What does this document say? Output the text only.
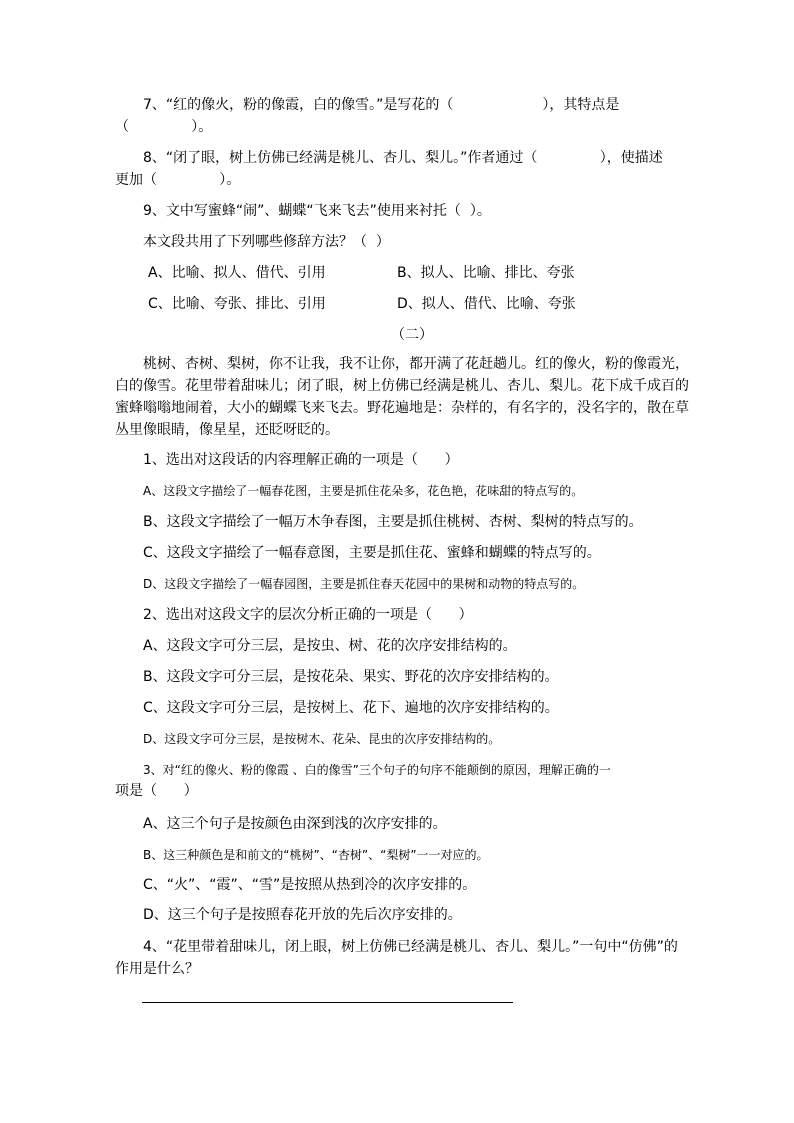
7、“红的像火，粉的像霞，白的像雪。”是写花的（                    ），其特点是
（              ）。
8、“闭了眼，树上仿佛已经满是桃儿、杏儿、梨儿。”作者通过（              ），使描述
更加（              ）。
9、文中写蜜蜂“闹”、蝴蝶“飞来飞去”使用来衬托（  ）。
本文段共用了下列哪些修辞方法？（  ）
A、比喻、拟人、借代、引用	B、拟人、比喻、排比、夸张
C、比喻、夸张、排比、引用	D、拟人、借代、比喻、夸张
（二）
桃树、杏树、梨树，你不让我，我不让你，都开满了花赶趟儿。红的像火，粉的像霞光，
白的像雪。花里带着甜味儿；闭了眼，树上仿佛已经满是桃儿、杏儿、梨儿。花下成千成百的
蜜蜂嗡嗡地闹着，大小的蝴蝶飞来飞去。野花遍地是：杂样的，有名字的，没名字的，散在草
丛里像眼睛，像星星，还眨呀眨的。
1、选出对这段话的内容理解正确的一项是（      ）
A、这段文字描绘了一幅春花图，主要是抓住花朵多，花色艳，花味甜的特点写的。
B、这段文字描绘了一幅万木争春图，主要是抓住桃树、杏树、梨树的特点写的。
C、这段文字描绘了一幅春意图，主要是抓住花、蜜蜂和蝴蝶的特点写的。
D、这段文字描绘了一幅春园图，主要是抓住春天花园中的果树和动物的特点写的。
2、选出对这段文字的层次分析正确的一项是（      ）
A、这段文字可分三层，是按虫、树、花的次序安排结构的。
B、这段文字可分三层，是按花朵、果实、野花的次序安排结构的。
C、这段文字可分三层，是按树上、花下、遍地的次序安排结构的。
D、这段文字可分三层，是按树木、花朵、昆虫的次序安排结构的。
3、对“红的像火、粉的像霞 、白的像雪”三个句子的句序不能颠倒的原因，理解正确的一
项是（      ）
A、这三个句子是按颜色由深到浅的次序安排的。
B、这三种颜色是和前文的“桃树”、“杏树”、“梨树”一一对应的。
C、“火”、“霞”、“雪”是按照从热到冷的次序安排的。
D、这三个句子是按照春花开放的先后次序安排的。
4、“花里带着甜味儿，闭上眼，树上仿佛已经满是桃儿、杏儿、梨儿。”一句中“仿佛”的
作用是什么？
